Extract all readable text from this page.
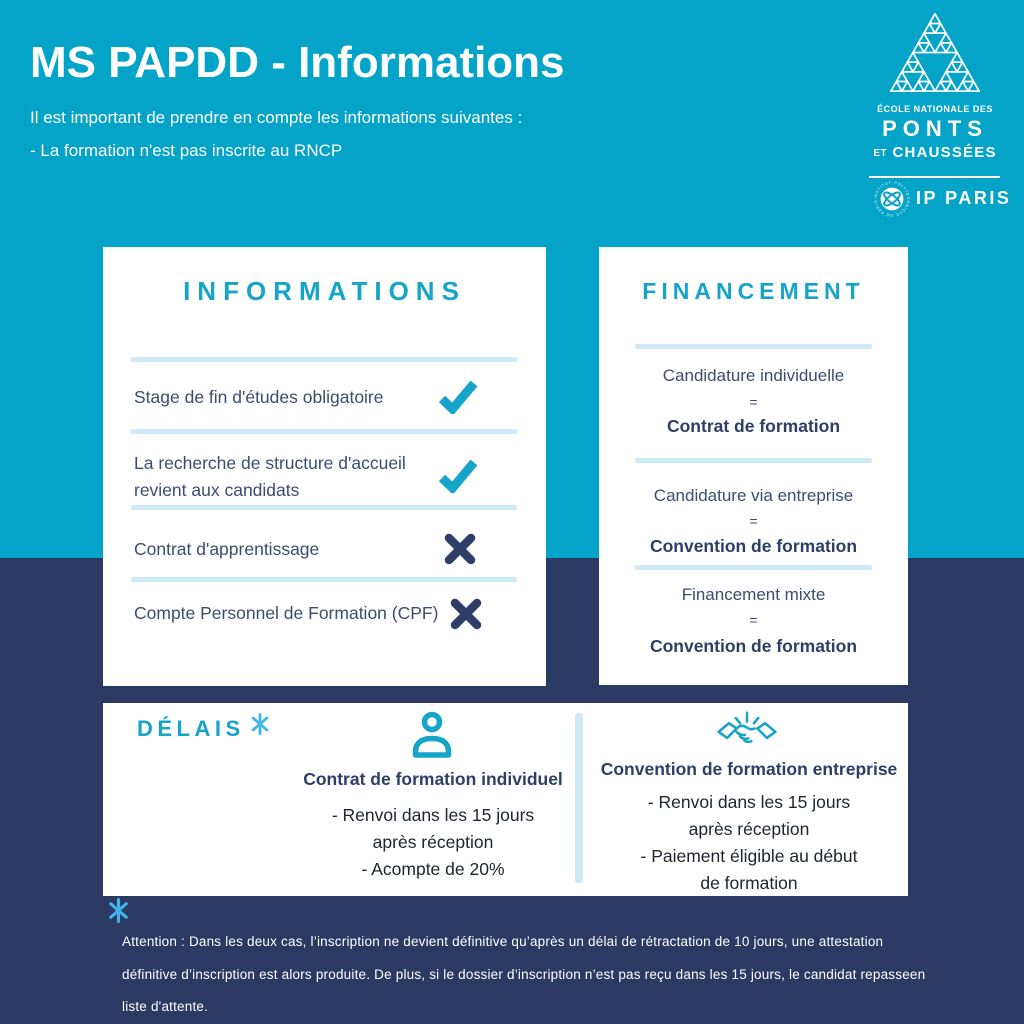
MS PAPDD - Informations
Il est important de prendre en compte les informations suivantes :
- La formation n'est pas inscrite au RNCP
ÉCOLE NATIONALE DES
PONTS
ET CHAUSSÉES
INSTITUT POLYTECHNIQUE DE PARIS	IP PARIS
INFORMATIONS
Stage de fin d'études obligatoire
La recherche de structure d'accueil revient aux candidats
Contrat d'apprentissage
Compte Personnel de Formation (CPF)
FINANCEMENT
Candidature individuelle
=
Contrat de formation
Candidature via entreprise
=
Convention de formation
Financement mixte
=
Convention de formation
DÉLAIS
Contrat de formation individuel
- Renvoi dans les 15 jours
après réception
- Acompte de 20%
Convention de formation entreprise
- Renvoi dans les 15 jours
après réception
- Paiement éligible au début
de formation
Attention : Dans les deux cas, l’inscription ne devient définitive qu’après un délai de rétractation de 10 jours, une attestation
définitive d’inscription est alors produite. De plus, si le dossier d’inscription n’est pas reçu dans les 15 jours, le candidat repasseen
liste d'attente.
